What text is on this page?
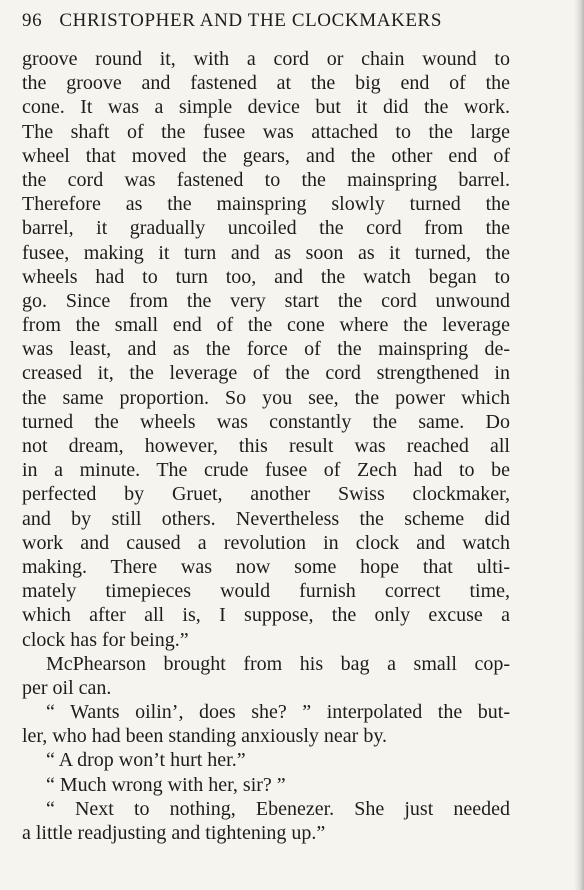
96 CHRISTOPHER AND THE CLOCKMAKERS
groove round it, with a cord or chain wound to
the groove and fastened at the big end of the
cone. It was a simple device but it did the work.
The shaft of the fusee was attached to the large
wheel that moved the gears, and the other end of
the cord was fastened to the mainspring barrel.
Therefore as the mainspring slowly turned the
barrel, it gradually uncoiled the cord from the
fusee, making it turn and as soon as it turned, the
wheels had to turn too, and the watch began to
go. Since from the very start the cord unwound
from the small end of the cone where the leverage
was least, and as the force of the mainspring de-
creased it, the leverage of the cord strengthened in
the same proportion. So you see, the power which
turned the wheels was constantly the same. Do
not dream, however, this result was reached all
in a minute. The crude fusee of Zech had to be
perfected by Gruet, another Swiss clockmaker,
and by still others. Nevertheless the scheme did
work and caused a revolution in clock and watch
making. There was now some hope that ulti-
mately timepieces would furnish correct time,
which after all is, I suppose, the only excuse a
clock has for being.”
McPhearson brought from his bag a small cop-
per oil can.
“ Wants oilin’, does she? ” interpolated the but-
ler, who had been standing anxiously near by.
“ A drop won’t hurt her.”
“ Much wrong with her, sir? ”
“ Next to nothing, Ebenezer. She just needed
a little readjusting and tightening up.”
